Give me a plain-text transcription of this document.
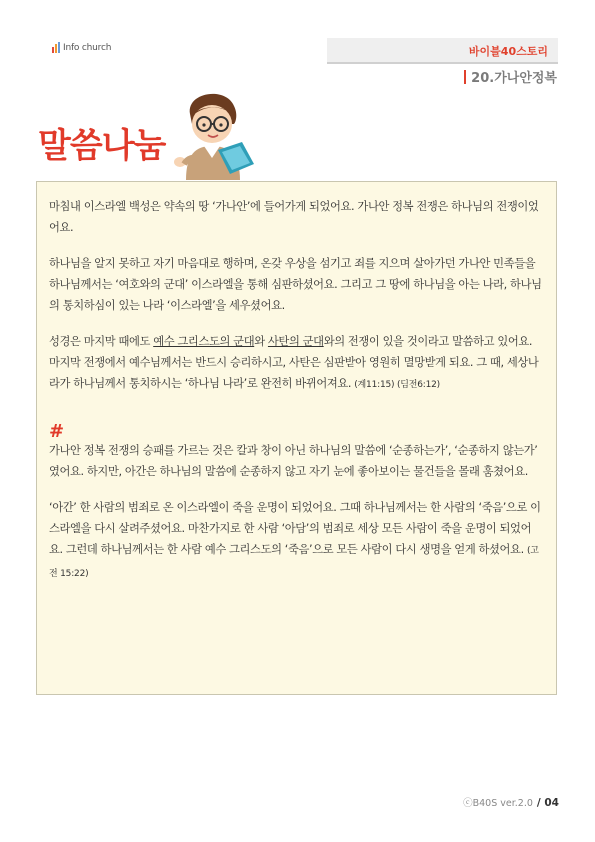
Info church	바이블40스토리
20.가나안정복
말씀나눔

마침내 이스라엘 백성은 약속의 땅 ‘가나안’에 들어가게 되었어요. 가나안 정복 전쟁은 하나님의 전쟁이었어요.

하나님을 알지 못하고 자기 마음대로 행하며, 온갖 우상을 섬기고 죄를 지으며 살아가던 가나안 민족들을 하나님께서는 ‘여호와의 군대’ 이스라엘을 통해 심판하셨어요. 그리고 그 땅에 하나님을 아는 나라, 하나님의 통치하심이 있는 나라 ‘이스라엘’을 세우셨어요.

성경은 마지막 때에도 예수 그리스도의 군대와 사탄의 군대와의 전쟁이 있을 것이라고 말씀하고 있어요. 마지막 전쟁에서 예수님께서는 반드시 승리하시고, 사탄은 심판받아 영원히 멸망받게 되요. 그 때, 세상나라가 하나님께서 통치하시는 ‘하나님 나라’로 완전히 바뀌어져요. (계11:15) (딤전6:12)

#

가나안 정복 전쟁의 승패를 가르는 것은 칼과 창이 아닌 하나님의 말씀에 ‘순종하는가’, ‘순종하지 않는가’ 였어요. 하지만, 아간은 하나님의 말씀에 순종하지 않고 자기 눈에 좋아보이는 물건들을 몰래 훔쳤어요.

‘아간’ 한 사람의 범죄로 온 이스라엘이 죽을 운명이 되었어요. 그때 하나님께서는 한 사람의 ‘죽음’으로 이스라엘을 다시 살려주셨어요. 마찬가지로 한 사람 ‘아담’의 범죄로 세상 모든 사람이 죽을 운명이 되었어요. 그런데 하나님께서는 한 사람 예수 그리스도의 ‘죽음’으로 모든 사람이 다시 생명을 얻게 하셨어요. (고전 15:22)

ⓒB40S ver.2.0 / 04
